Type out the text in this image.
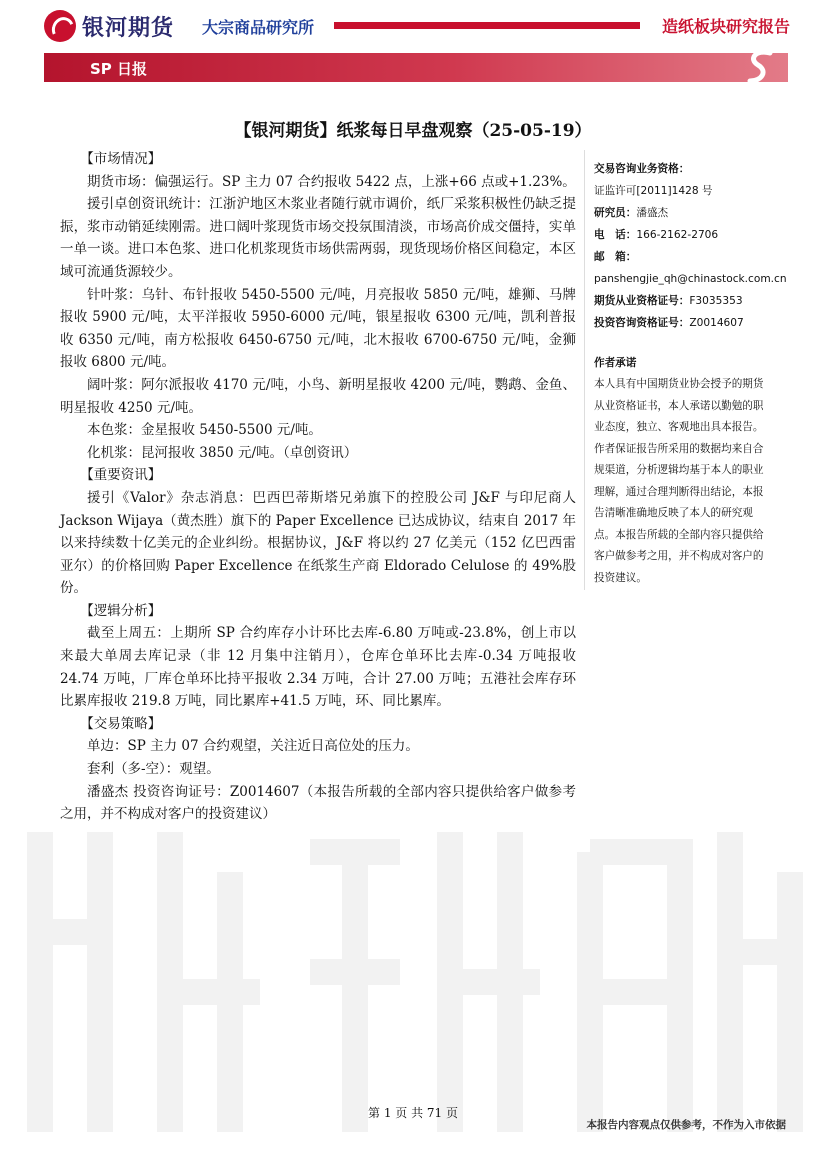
银河期货 大宗商品研究所	造纸板块研究报告
SP 日报
【银河期货】纸浆每日早盘观察（25-05-19）

【市场情况】

期货市场：偏强运行。SP 主力 07 合约报收 5422 点，上涨+66 点或+1.23%。

援引卓创资讯统计：江浙沪地区木浆业者随行就市调价，纸厂采浆积极性仍缺乏提振，浆市动销延续刚需。进口阔叶浆现货市场交投氛围清淡，市场高价成交僵持，实单一单一谈。进口本色浆、进口化机浆现货市场供需两弱，现货现场价格区间稳定，本区域可流通货源较少。

针叶浆：乌针、布针报收 5450-5500 元/吨，月亮报收 5850 元/吨，雄狮、马牌报收 5900 元/吨，太平洋报收 5950-6000 元/吨，银星报收 6300 元/吨，凯利普报收 6350 元/吨，南方松报收 6450-6750 元/吨，北木报收 6700-6750 元/吨，金狮报收 6800 元/吨。

阔叶浆：阿尔派报收 4170 元/吨，小鸟、新明星报收 4200 元/吨，鹦鹉、金鱼、明星报收 4250 元/吨。

本色浆：金星报收 5450-5500 元/吨。

化机浆：昆河报收 3850 元/吨。（卓创资讯）

【重要资讯】

援引《Valor》杂志消息：巴西巴蒂斯塔兄弟旗下的控股公司 J&F 与印尼商人 Jackson Wijaya（黄杰胜）旗下的 Paper Excellence 已达成协议，结束自 2017 年以来持续数十亿美元的企业纠纷。根据协议，J&F 将以约 27 亿美元（152 亿巴西雷亚尔）的价格回购 Paper Excellence 在纸浆生产商 Eldorado Celulose 的 49%股份。

【逻辑分析】

截至上周五：上期所 SP 合约库存小计环比去库-6.80 万吨或-23.8%，创上市以来最大单周去库记录（非 12 月集中注销月），仓库仓单环比去库-0.34 万吨报收 24.74 万吨，厂库仓单环比持平报收 2.34 万吨，合计 27.00 万吨；五港社会库存环比累库报收 219.8 万吨，同比累库+41.5 万吨，环、同比累库。

【交易策略】

单边：SP 主力 07 合约观望，关注近日高位处的压力。

套利（多-空）：观望。

潘盛杰 投资咨询证号：Z0014607（本报告所载的全部内容只提供给客户做参考之用，并不构成对客户的投资建议）

交易咨询业务资格：
证监许可[2011]1428 号
研究员：潘盛杰
电　话：166-2162-2706
邮　箱：
panshengjie_qh@chinastock.com.cn
期货从业资格证号：F3035353
投资咨询资格证号：Z0014607
作者承诺
本人具有中国期货业协会授予的期货从业资格证书，本人承诺以勤勉的职业态度，独立、客观地出具本报告。作者保证报告所采用的数据均来自合规渠道，分析逻辑均基于本人的职业理解，通过合理判断得出结论，本报告清晰准确地反映了本人的研究观点。本报告所载的全部内容只提供给客户做参考之用，并不构成对客户的投资建议。
第 1 页 共 71 页
本报告内容观点仅供参考，不作为入市依据
